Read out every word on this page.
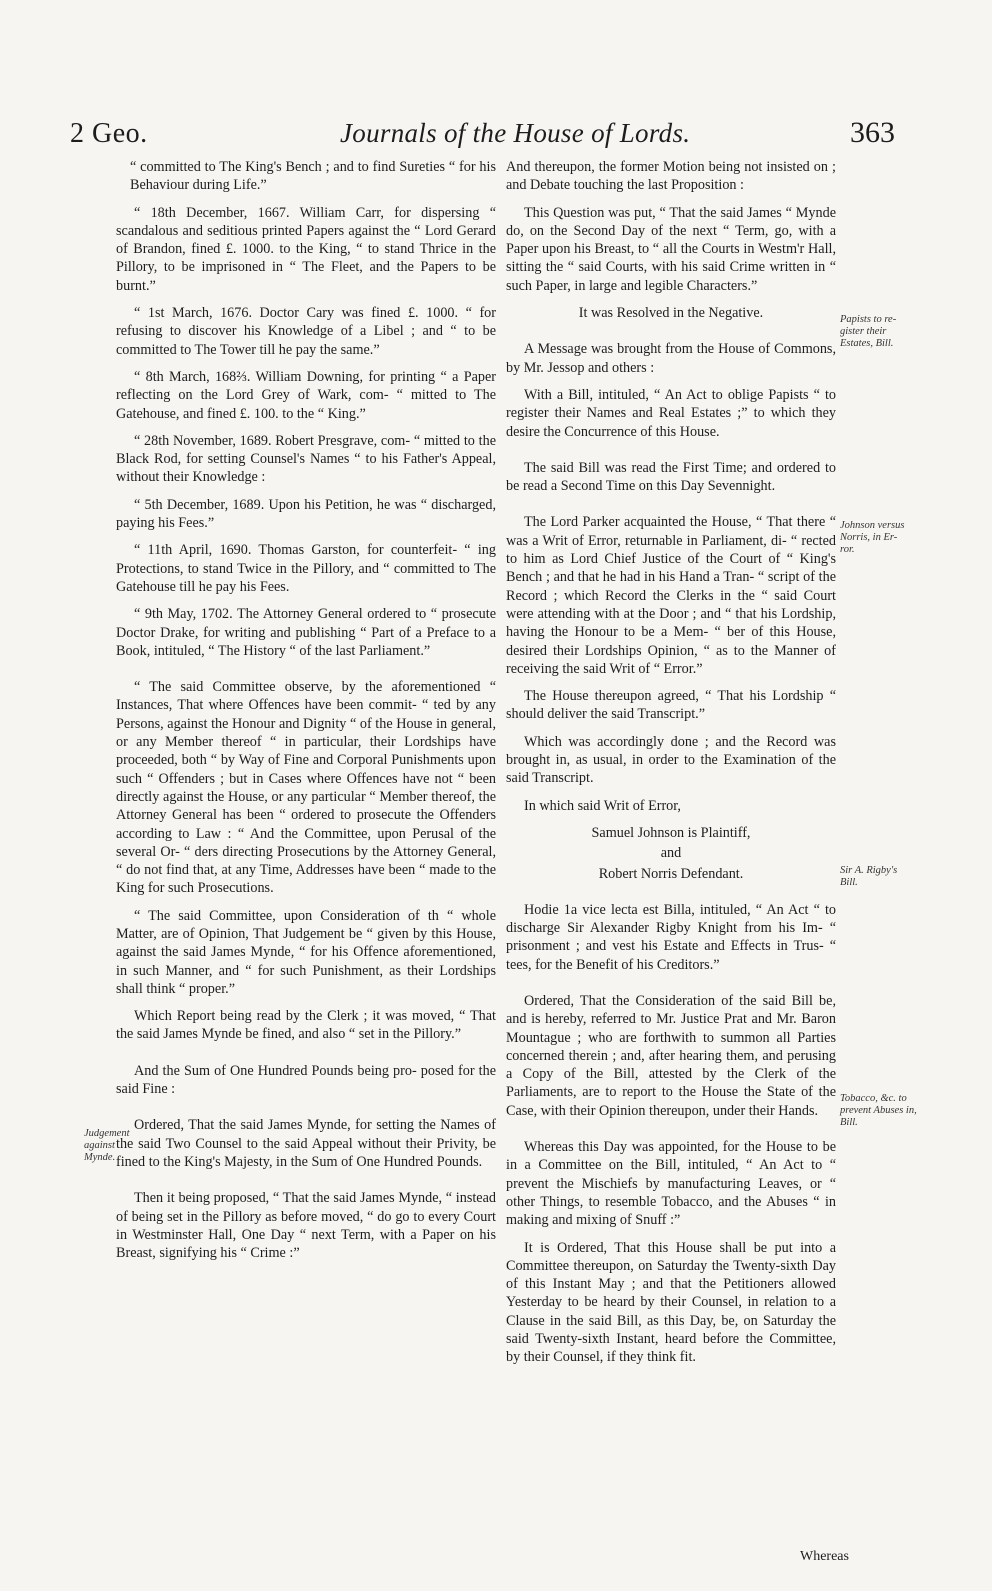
2 Geo.	Journals of the House of Lords.	363

“ committed to The King's Bench ; and to find Sureties “ for his Behaviour during Life.”

“ 18th December, 1667. William Carr, for dispersing “ scandalous and seditious printed Papers against the “ Lord Gerard of Brandon, fined £. 1000. to the King, “ to stand Thrice in the Pillory, to be imprisoned in “ The Fleet, and the Papers to be burnt.”

“ 1st March, 1676. Doctor Cary was fined £. 1000. “ for refusing to discover his Knowledge of a Libel ; and “ to be committed to The Tower till he pay the same.”

“ 8th March, 168⅔. William Downing, for printing “ a Paper reflecting on the Lord Grey of Wark, com- “ mitted to The Gatehouse, and fined £. 100. to the “ King.”

“ 28th November, 1689. Robert Presgrave, com- “ mitted to the Black Rod, for setting Counsel's Names “ to his Father's Appeal, without their Knowledge :

“ 5th December, 1689. Upon his Petition, he was “ discharged, paying his Fees.”

“ 11th April, 1690. Thomas Garston, for counterfeit- “ ing Protections, to stand Twice in the Pillory, and “ committed to The Gatehouse till he pay his Fees.

“ 9th May, 1702. The Attorney General ordered to “ prosecute Doctor Drake, for writing and publishing “ Part of a Preface to a Book, intituled, “ The History “ of the last Parliament.”

“ The said Committee observe, by the aforementioned “ Instances, That where Offences have been commit- “ ted by any Persons, against the Honour and Dignity “ of the House in general, or any Member thereof “ in particular, their Lordships have proceeded, both “ by Way of Fine and Corporal Punishments upon such “ Offenders ; but in Cases where Offences have not “ been directly against the House, or any particular “ Member thereof, the Attorney General has been “ ordered to prosecute the Offenders according to Law : “ And the Committee, upon Perusal of the several Or- “ ders directing Prosecutions by the Attorney General, “ do not find that, at any Time, Addresses have been “ made to the King for such Prosecutions.

“ The said Committee, upon Consideration of th “ whole Matter, are of Opinion, That Judgement be “ given by this House, against the said James Mynde, “ for his Offence aforementioned, in such Manner, and “ for such Punishment, as their Lordships shall think “ proper.”

Which Report being read by the Clerk ; it was moved, “ That the said James Mynde be fined, and also “ set in the Pillory.”

And the Sum of One Hundred Pounds being pro- posed for the said Fine :

Ordered, That the said James Mynde, for setting the Names of the said Two Counsel to the said Appeal without their Privity, be fined to the King's Majesty, in the Sum of One Hundred Pounds.

Then it being proposed, “ That the said James Mynde, “ instead of being set in the Pillory as before moved, “ do go to every Court in Westminster Hall, One Day “ next Term, with a Paper on his Breast, signifying his “ Crime :”

And thereupon, the former Motion being not insisted on ; and Debate touching the last Proposition :

This Question was put, “ That the said James “ Mynde do, on the Second Day of the next “ Term, go, with a Paper upon his Breast, to “ all the Courts in Westm'r Hall, sitting the “ said Courts, with his said Crime written in “ such Paper, in large and legible Characters.”

It was Resolved in the Negative.

A Message was brought from the House of Commons, by Mr. Jessop and others :

With a Bill, intituled, “ An Act to oblige Papists “ to register their Names and Real Estates ;” to which they desire the Concurrence of this House.

The said Bill was read the First Time; and ordered to be read a Second Time on this Day Sevennight.

The Lord Parker acquainted the House, “ That there “ was a Writ of Error, returnable in Parliament, di- “ rected to him as Lord Chief Justice of the Court of “ King's Bench ; and that he had in his Hand a Tran- “ script of the Record ; which Record the Clerks in the “ said Court were attending with at the Door ; and “ that his Lordship, having the Honour to be a Mem- “ ber of this House, desired their Lordships Opinion, “ as to the Manner of receiving the said Writ of “ Error.”

The House thereupon agreed, “ That his Lordship “ should deliver the said Transcript.”

Which was accordingly done ; and the Record was brought in, as usual, in order to the Examination of the said Transcript.

In which said Writ of Error,

Samuel Johnson is Plaintiff,

and

Robert Norris Defendant.

Hodie 1a vice lecta est Billa, intituled, “ An Act “ to discharge Sir Alexander Rigby Knight from his Im- “ prisonment ; and vest his Estate and Effects in Trus- “ tees, for the Benefit of his Creditors.”

Ordered, That the Consideration of the said Bill be, and is hereby, referred to Mr. Justice Prat and Mr. Baron Mountague ; who are forthwith to summon all Parties concerned therein ; and, after hearing them, and perusing a Copy of the Bill, attested by the Clerk of the Parliaments, are to report to the House the State of the Case, with their Opinion thereupon, under their Hands.

Whereas this Day was appointed, for the House to be in a Committee on the Bill, intituled, “ An Act to “ prevent the Mischiefs by manufacturing Leaves, or “ other Things, to resemble Tobacco, and the Abuses “ in making and mixing of Snuff :”

It is Ordered, That this House shall be put into a Committee thereupon, on Saturday the Twenty-sixth Day of this Instant May ; and that the Petitioners allowed Yesterday to be heard by their Counsel, in relation to a Clause in the said Bill, as this Day, be, on Saturday the said Twenty-sixth Instant, heard before the Committee, by their Counsel, if they think fit.

Judgement against Mynde.
Papists to re- gister their Estates, Bill.
Johnson versus Norris, in Er- ror.
Sir A. Rigby's Bill.
Tobacco, &c. to prevent Abuses in, Bill.
Whereas
